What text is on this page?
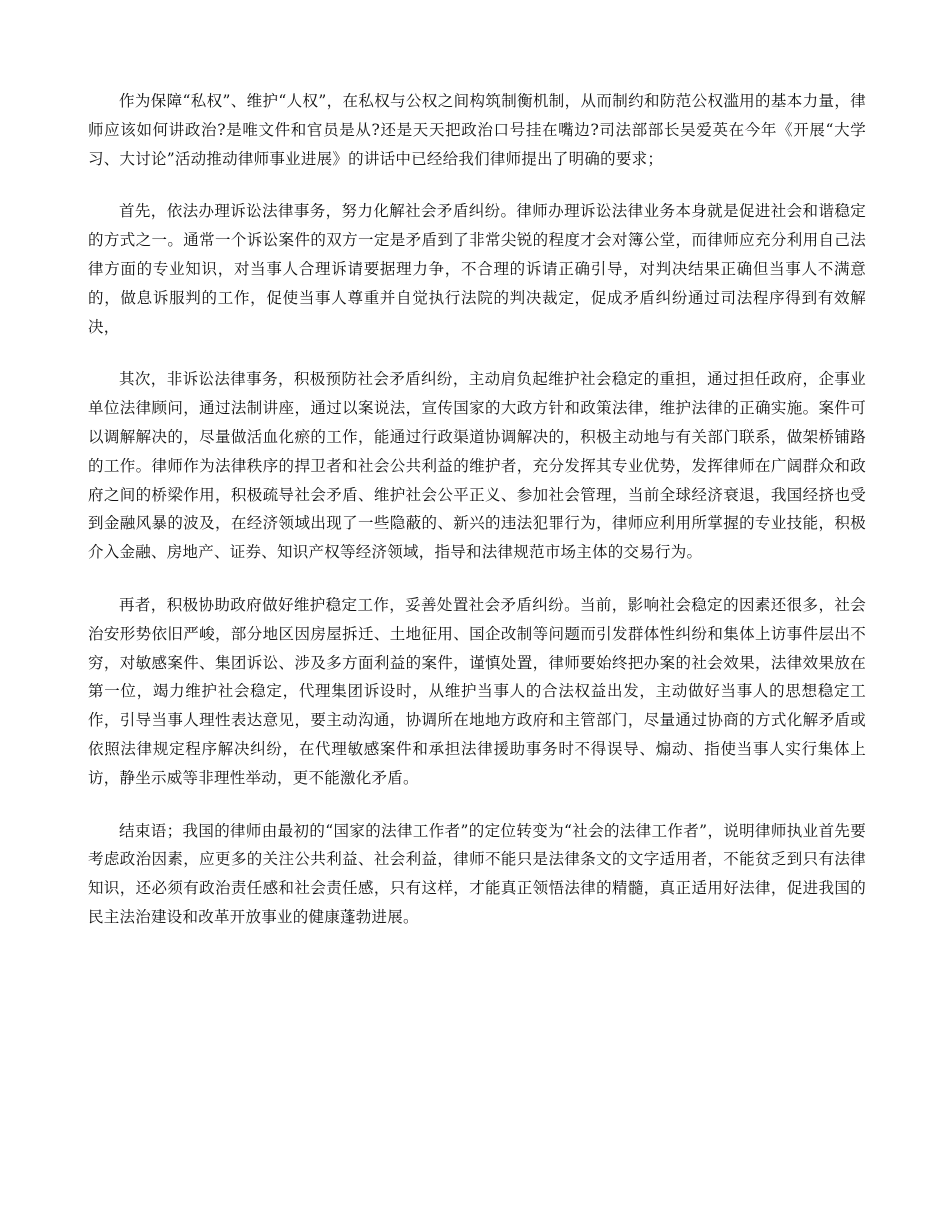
作为保障“私权”、维护“人权”，在私权与公权之间构筑制衡机制，从而制约和防范公权滥用的基本力量，律师应该如何讲政治?是唯文件和官员是从?还是天天把政治口号挂在嘴边?司法部部长吴爱英在今年《开展“大学习、大讨论”活动推动律师事业进展》的讲话中已经给我们律师提出了明确的要求；

首先，依法办理诉讼法律事务，努力化解社会矛盾纠纷。律师办理诉讼法律业务本身就是促进社会和谐稳定的方式之一。通常一个诉讼案件的双方一定是矛盾到了非常尖锐的程度才会对簿公堂，而律师应充分利用自己法律方面的专业知识，对当事人合理诉请要据理力争，不合理的诉请正确引导，对判决结果正确但当事人不满意的，做息诉服判的工作，促使当事人尊重并自觉执行法院的判决裁定，促成矛盾纠纷通过司法程序得到有效解决，

其次，非诉讼法律事务，积极预防社会矛盾纠纷，主动肩负起维护社会稳定的重担，通过担任政府，企事业单位法律顾问，通过法制讲座，通过以案说法，宣传国家的大政方针和政策法律，维护法律的正确实施。案件可以调解解决的，尽量做活血化瘀的工作，能通过行政渠道协调解决的，积极主动地与有关部门联系，做架桥铺路的工作。律师作为法律秩序的捍卫者和社会公共利益的维护者，充分发挥其专业优势，发挥律师在广阔群众和政府之间的桥梁作用，积极疏导社会矛盾、维护社会公平正义、参加社会管理，当前全球经济衰退，我国经挤也受到金融风暴的波及，在经济领域出现了一些隐蔽的、新兴的违法犯罪行为，律师应利用所掌握的专业技能，积极介入金融、房地产、证券、知识产权等经济领域，指导和法律规范市场主体的交易行为。

再者，积极协助政府做好维护稳定工作，妥善处置社会矛盾纠纷。当前，影响社会稳定的因素还很多，社会治安形势依旧严峻，部分地区因房屋拆迁、土地征用、国企改制等问题而引发群体性纠纷和集体上访事件层出不穷，对敏感案件、集团诉讼、涉及多方面利益的案件，谨慎处置，律师要始终把办案的社会效果，法律效果放在第一位，竭力维护社会稳定，代理集团诉设时，从维护当事人的合法权益出发，主动做好当事人的思想稳定工作，引导当事人理性表达意见，要主动沟通，协调所在地地方政府和主管部门，尽量通过协商的方式化解矛盾或依照法律规定程序解决纠纷，在代理敏感案件和承担法律援助事务时不得误导、煽动、指使当事人实行集体上访，静坐示威等非理性举动，更不能激化矛盾。

结束语；我国的律师由最初的“国家的法律工作者”的定位转变为“社会的法律工作者”，说明律师执业首先要考虑政治因素，应更多的关注公共利益、社会利益，律师不能只是法律条文的文字适用者，不能贫乏到只有法律知识，还必须有政治责任感和社会责任感，只有这样，才能真正领悟法律的精髓，真正适用好法律，促进我国的民主法治建设和改革开放事业的健康蓬勃进展。
